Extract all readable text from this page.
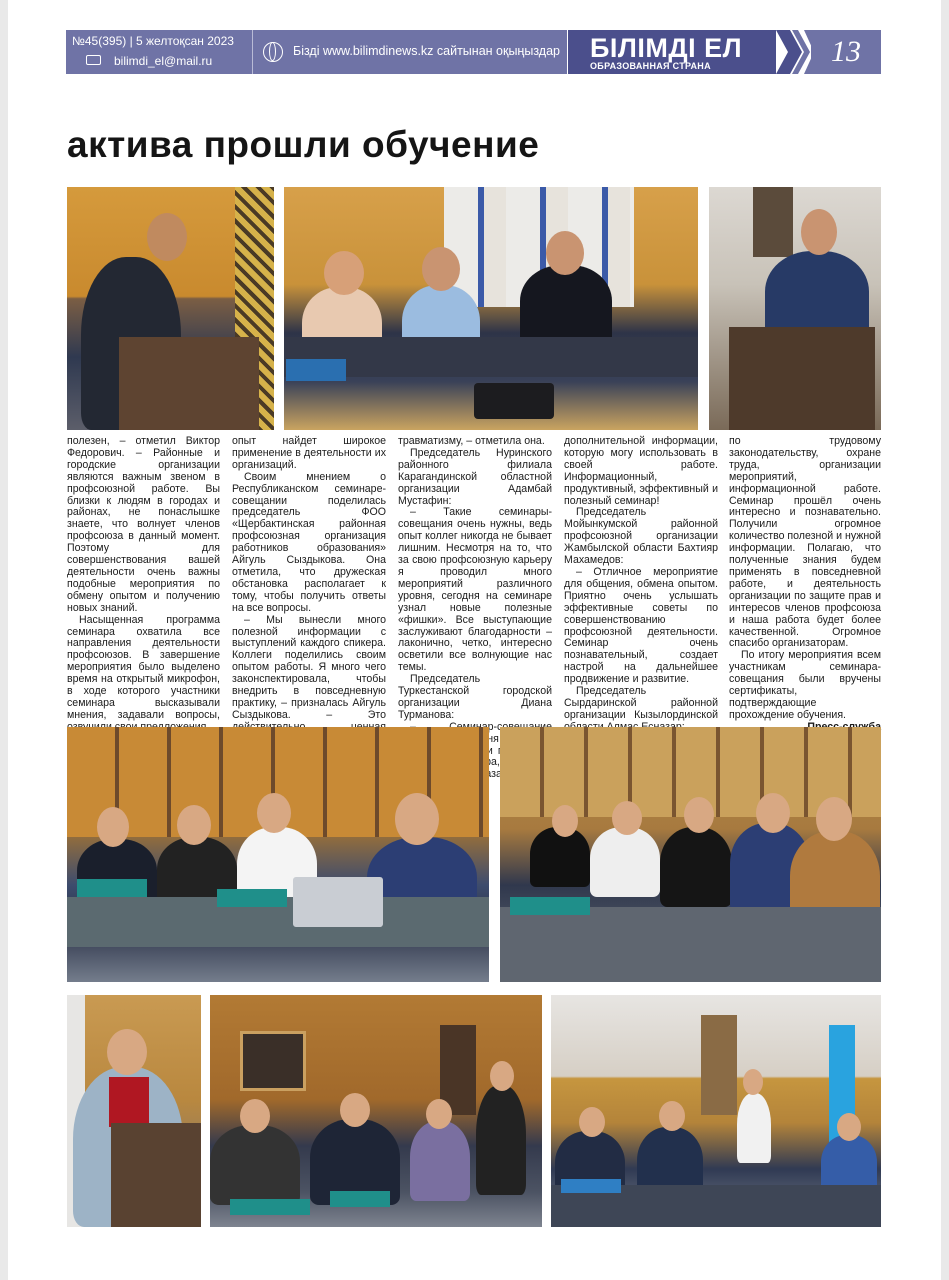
№45(395) | 5 желтоқсан 2023
bilimdi_el@mail.ru
Бізді www.bilimdinews.kz сайтынан оқыңыздар БІЛІМДІ ЕЛ
ОБРАЗОВАННАЯ СТРАНА	13
актива прошли обучение

полезен, – отметил Виктор Федорович. – Районные и городские организации являются важным звеном в профсоюзной работе. Вы близки к людям в городах и районах, не понаслышке знаете, что волнует членов профсоюза в данный момент. Поэтому для совершенствования вашей деятельности очень важны подобные мероприятия по обмену опытом и получению новых знаний.

Насыщенная программа семинара охватила все направления деятельности профсоюзов. В завершение мероприятия было выделено время на открытый микрофон, в ходе которого участники семинара высказывали мнения, задавали вопросы,

опыт найдет широкое применение в деятельности их организаций.

Своим мнением о Республиканском семинаре-совещании поделилась председатель ФОО «Щербактинская районная профсоюзная организация работников образования» Айгуль Сыздыкова. Она отметила, что дружеская обстановка располагает к тому, чтобы получить ответы на все вопросы.

– Мы вынесли много полезной информации с выступлений каждого спикера. Коллеги поделились своим опытом работы. Я много чего законспектировала, чтобы внедрить в повседневную практику, – призналась Айгуль Сыздыкова. – Это

травматизму, – отметила она.

Председатель Нуринского районного филиала Карагандинской областной организации Адамбай Мустафин:

– Такие семинары-совещания очень нужны, ведь опыт коллег никогда не бывает лишним. Несмотря на то, что за свою профсоюзную карьеру я проводил много мероприятий различного уровня, сегодня на семинаре узнал новые полезные «фишки». Все выступающие заслуживают благодарности – лаконично, четко, интересно осветили все волнующие нас темы.

Председатель Туркестанской городской организации Диана Турманова:

сказать,

дополнительной информации, которую могу использовать в своей работе. Информационный, продуктивный, эффективный и полезный семинар!

Председатель Мойынкумской районной профсоюзной организации Жамбылской области Бахтияр Махамедов:

– Отличное мероприятие для общения, обмена опытом. Приятно очень услышать эффективные советы по совершенствованию профсоюзной деятельности. Семинар очень познавательный, создает настрой на дальнейшее продвижение и развитие.

Председатель Сырдаринской районной организации Кызылординской

по трудовому законодательству, охране труда, организации мероприятий, информационной работе. Семинар прошёл очень интересно и познавательно. Получили огромное количество полезной и нужной информации. Полагаю, что полученные знания будем применять в повседневной работе, и деятельность организации по защите прав и интересов членов профсоюза и наша работа будет более качественной. Огромное спасибо организаторам.

По итогу мероприятия всем участникам семинара-совещания были вручены сертификаты, подтверждающие прохождение обучения.
